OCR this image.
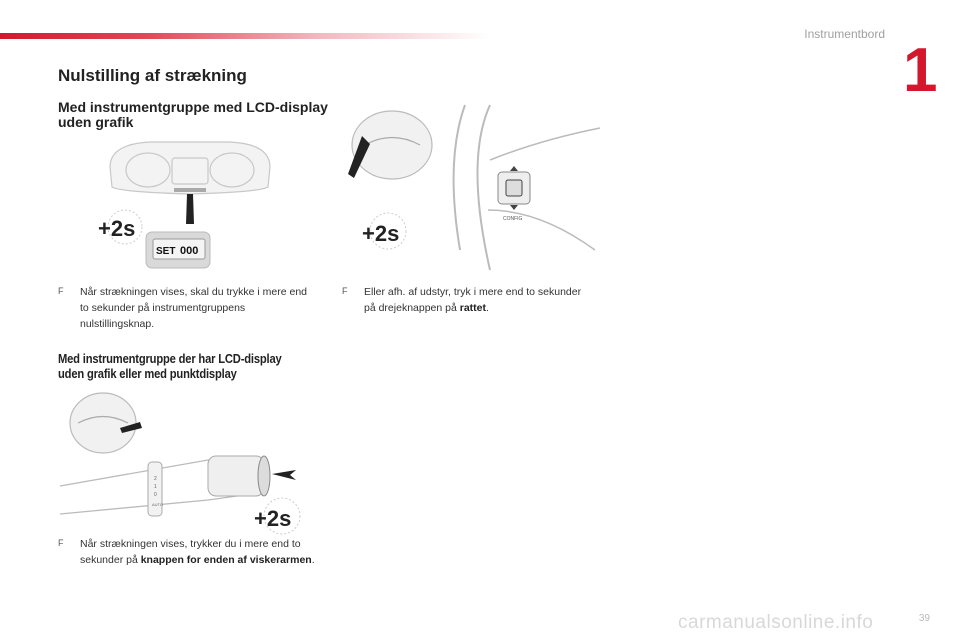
Instrumentbord
1
Nulstilling af strækning
Med instrumentgruppe med LCD-display uden grafik
SET 000
+2s	CONFIG
+2s
F Når strækningen vises, skal du trykke i mere end to sekunder på instrumentgruppens nulstillingsknap.
F Eller afh. af udstyr, tryk i mere end to sekunder på drejeknappen på rattet.
Med instrumentgruppe der har LCD-display uden grafik eller med punktdisplay
2
1
0
AUTO
+2s
F Når strækningen vises, trykker du i mere end to sekunder på knappen for enden af viskerarmen.
carmanualsonline.info	39
